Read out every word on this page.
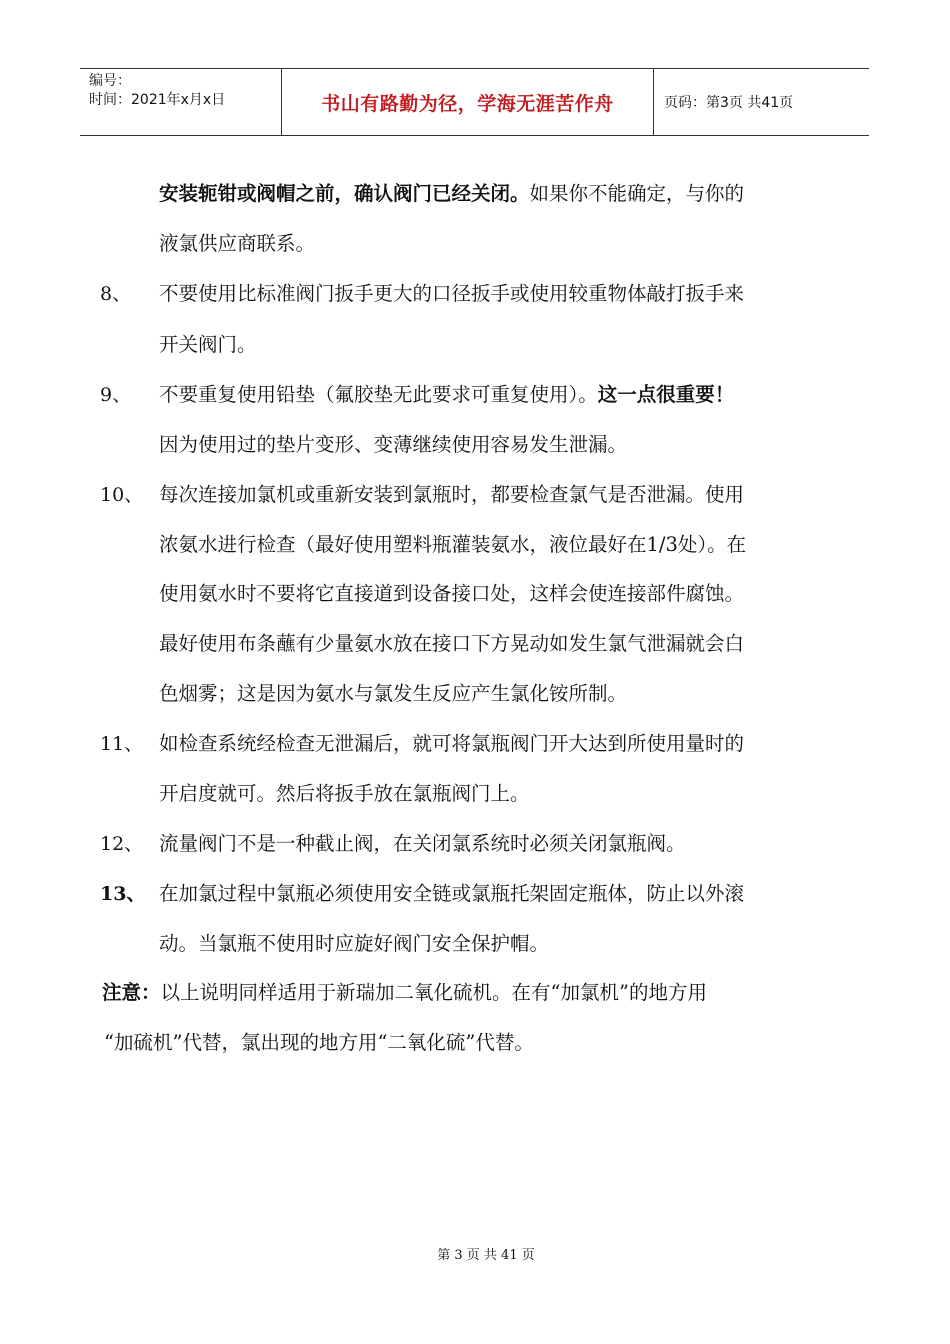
编号：
时间：2021年x月x日	书山有路勤为径，学海无涯苦作舟	页码：第3页 共41页
安装轭钳或阀帽之前，确认阀门已经关闭。如果你不能确定，与你的
液氯供应商联系。
8、 不要使用比标准阀门扳手更大的口径扳手或使用较重物体敲打扳手来
开关阀门。
9、 不要重复使用铅垫（氟胶垫无此要求可重复使用）。这一点很重要！
因为使用过的垫片变形、变薄继续使用容易发生泄漏。
10、 每次连接加氯机或重新安装到氯瓶时，都要检查氯气是否泄漏。使用
浓氨水进行检查（最好使用塑料瓶灌装氨水，液位最好在1/3处）。在
使用氨水时不要将它直接道到设备接口处，这样会使连接部件腐蚀。
最好使用布条蘸有少量氨水放在接口下方晃动如发生氯气泄漏就会白
色烟雾；这是因为氨水与氯发生反应产生氯化铵所制。
11、 如检查系统经检查无泄漏后，就可将氯瓶阀门开大达到所使用量时的
开启度就可。然后将扳手放在氯瓶阀门上。
12、 流量阀门不是一种截止阀，在关闭氯系统时必须关闭氯瓶阀。
13、 在加氯过程中氯瓶必须使用安全链或氯瓶托架固定瓶体，防止以外滚
动。当氯瓶不使用时应旋好阀门安全保护帽。
注意：以上说明同样适用于新瑞加二氧化硫机。在有“加氯机”的地方用
“加硫机”代替，氯出现的地方用“二氧化硫”代替。
第 3 页 共 41 页
